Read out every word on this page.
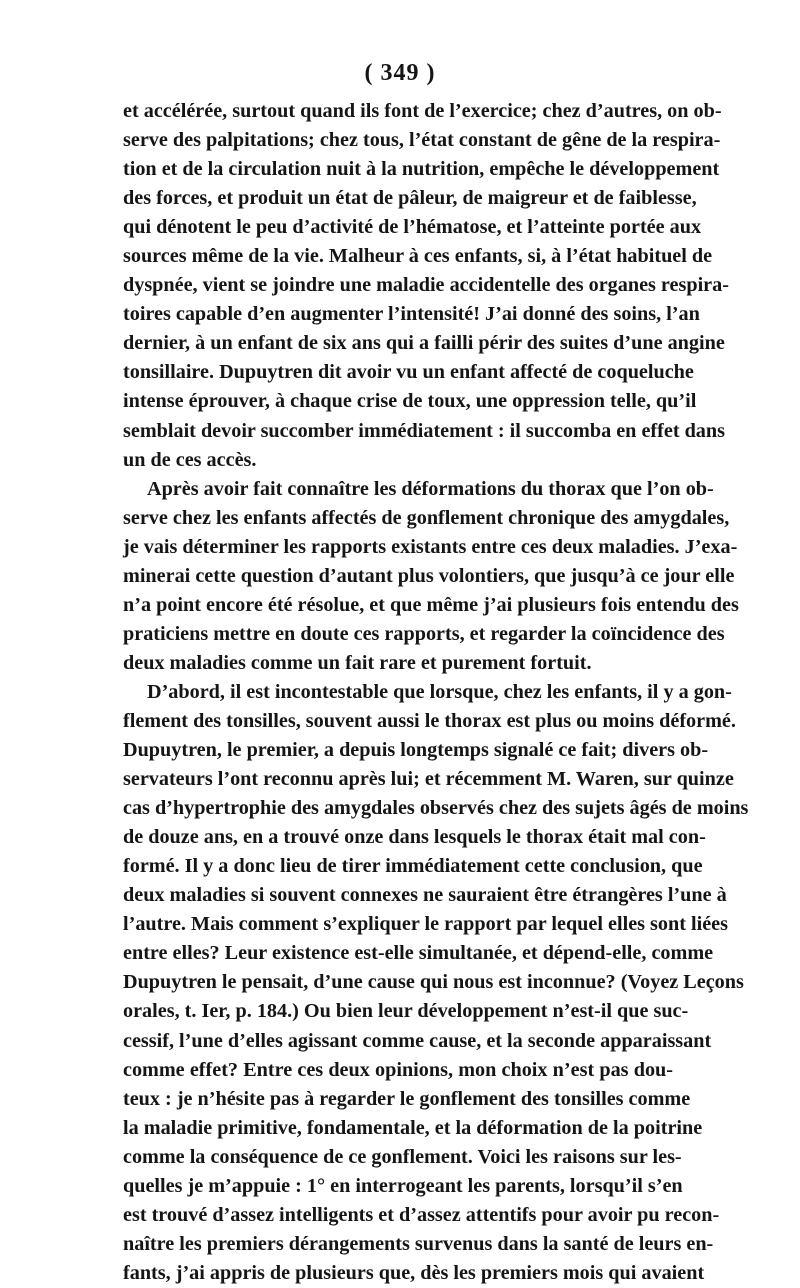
( 349 )
et accélérée, surtout quand ils font de l’exercice; chez d’autres, on ob-
serve des palpitations; chez tous, l’état constant de gêne de la respira-
tion et de la circulation nuit à la nutrition, empêche le développement
des forces, et produit un état de pâleur, de maigreur et de faiblesse,
qui dénotent le peu d’activité de l’hématose, et l’atteinte portée aux
sources même de la vie. Malheur à ces enfants, si, à l’état habituel de
dyspnée, vient se joindre une maladie accidentelle des organes respira-
toires capable d’en augmenter l’intensité! J’ai donné des soins, l’an
dernier, à un enfant de six ans qui a failli périr des suites d’une angine
tonsillaire. Dupuytren dit avoir vu un enfant affecté de coqueluche
intense éprouver, à chaque crise de toux, une oppression telle, qu’il
semblait devoir succomber immédiatement : il succomba en effet dans
un de ces accès.
Après avoir fait connaître les déformations du thorax que l’on ob-
serve chez les enfants affectés de gonflement chronique des amygdales,
je vais déterminer les rapports existants entre ces deux maladies. J’exa-
minerai cette question d’autant plus volontiers, que jusqu’à ce jour elle
n’a point encore été résolue, et que même j’ai plusieurs fois entendu des
praticiens mettre en doute ces rapports, et regarder la coïncidence des
deux maladies comme un fait rare et purement fortuit.
D’abord, il est incontestable que lorsque, chez les enfants, il y a gon-
flement des tonsilles, souvent aussi le thorax est plus ou moins déformé.
Dupuytren, le premier, a depuis longtemps signalé ce fait; divers ob-
servateurs l’ont reconnu après lui; et récemment M. Waren, sur quinze
cas d’hypertrophie des amygdales observés chez des sujets âgés de moins
de douze ans, en a trouvé onze dans lesquels le thorax était mal con-
formé. Il y a donc lieu de tirer immédiatement cette conclusion, que
deux maladies si souvent connexes ne sauraient être étrangères l’une à
l’autre. Mais comment s’expliquer le rapport par lequel elles sont liées
entre elles? Leur existence est-elle simultanée, et dépend-elle, comme
Dupuytren le pensait, d’une cause qui nous est inconnue? (Voyez Leçons
orales, t. Ier, p. 184.) Ou bien leur développement n’est-il que suc-
cessif, l’une d’elles agissant comme cause, et la seconde apparaissant
comme effet? Entre ces deux opinions, mon choix n’est pas dou-
teux : je n’hésite pas à regarder le gonflement des tonsilles comme
la maladie primitive, fondamentale, et la déformation de la poitrine
comme la conséquence de ce gonflement. Voici les raisons sur les-
quelles je m’appuie : 1° en interrogeant les parents, lorsqu’il s’en
est trouvé d’assez intelligents et d’assez attentifs pour avoir pu recon-
naître les premiers dérangements survenus dans la santé de leurs en-
fants, j’ai appris de plusieurs que, dès les premiers mois qui avaient
